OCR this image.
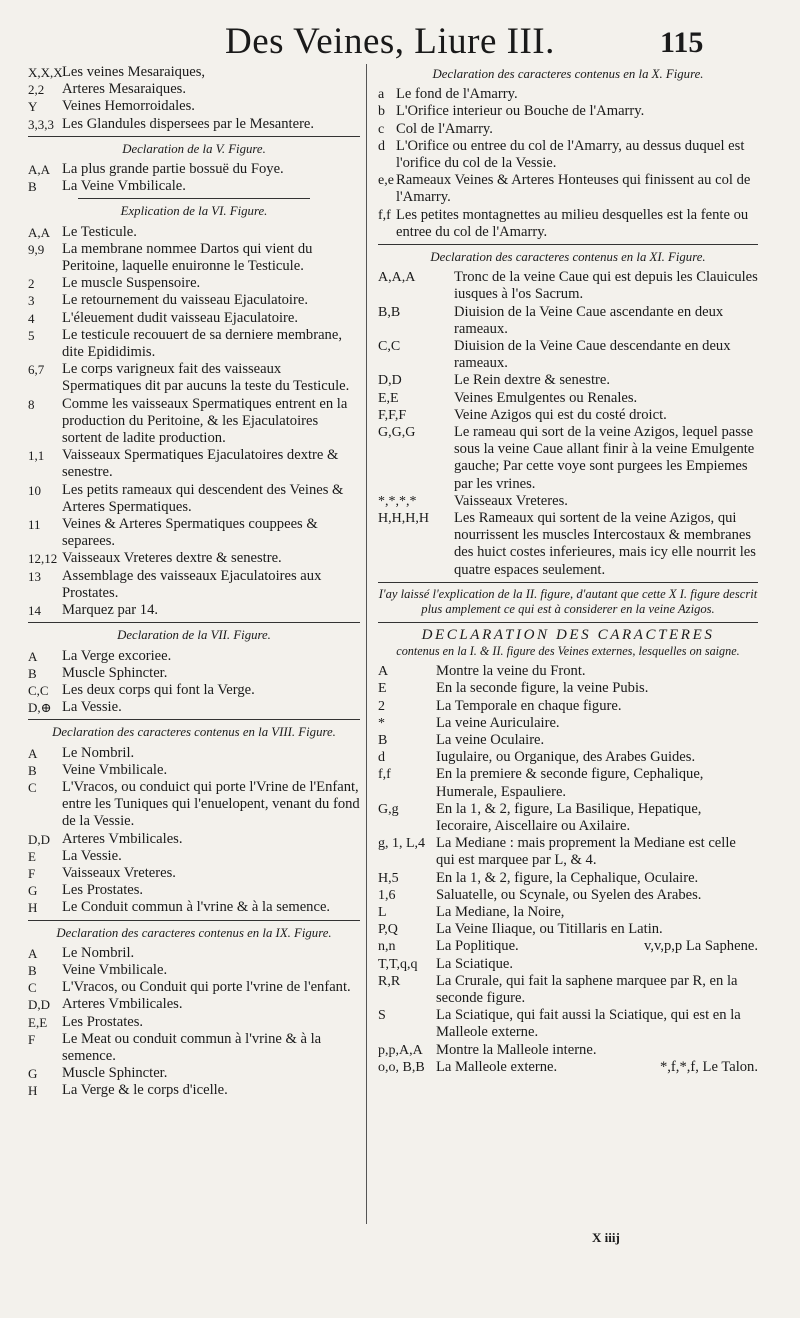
Des Veines, Liure III.	115
X,X,X Les veines Mesaraiques,
2,2	Arteres Mesaraiques.
Y	Veines Hemorroidales.
3,3,3 Les Glandules dispersees par le Mesantere.
Declaration de la V. Figure.
A,A La plus grande partie bossuë du Foye.
B	La Veine Vmbilicale.
Explication de la VI. Figure.
A,A Le Testicule.
9,9	La membrane nommee Dartos qui vient du Peritoine, laquelle enuironne le Testicule.
2	Le muscle Suspensoire.
3	Le retournement du vaisseau Ejaculatoire.
4	L'éleuement dudit vaisseau Ejaculatoire.
5	Le testicule recouuert de sa derniere membrane, dite Epididimis.
6,7	Le corps varigneux fait des vaisseaux Spermatiques dit par aucuns la teste du Testicule.
8	Comme les vaisseaux Spermatiques entrent en la production du Peritoine, & les Ejaculatoires sortent de ladite production.
1,1	Vaisseaux Spermatiques Ejaculatoires dextre & senestre.
10	Les petits rameaux qui descendent des Veines & Arteres Spermatiques.
11	Veines & Arteres Spermatiques couppees & separees.
12,12 Vaisseaux Vreteres dextre & senestre.
13	Assemblage des vaisseaux Ejaculatoires aux Prostates.
14	Marquez par 14.
Declaration de la VII. Figure.
A	La Verge excoriee.
B	Muscle Sphincter.
C,C Les deux corps qui font la Verge.
D,⊕ La Vessie.
Declaration des caracteres contenus en la VIII. Figure.
A	Le Nombril.
B	Veine Vmbilicale.
C	L'Vracos, ou conduict qui porte l'Vrine de l'Enfant, entre les Tuniques qui l'enuelopent, venant du fond de la Vessie.
D,D Arteres Vmbilicales.
E	La Vessie.
F	Vaisseaux Vreteres.
G	Les Prostates.
H	Le Conduit commun à l'vrine & à la semence.
Declaration des caracteres contenus en la IX. Figure.
A	Le Nombril.
B	Veine Vmbilicale.
C	L'Vracos, ou Conduit qui porte l'vrine de l'enfant.
D,D Arteres Vmbilicales.
E,E	Les Prostates.
F	Le Meat ou conduit commun à l'vrine & à la semence.
G	Muscle Sphincter.
H	La Verge & le corps d'icelle.
Declaration des caracteres contenus en la X. Figure.
a Le fond de l'Amarry.
b L'Orifice interieur ou Bouche de l'Amarry.
c Col de l'Amarry.
d L'Orifice ou entree du col de l'Amarry, au dessus duquel est l'orifice du col de la Vessie.
e,e Rameaux Veines & Arteres Honteuses qui finissent au col de l'Amarry.
f,f Les petites montagnettes au milieu desquelles est la fente ou entree du col de l'Amarry.
Declaration des caracteres contenus en la XI. Figure.
A,A,A	Tronc de la veine Caue qui est depuis les Clauicules iusques à l'os Sacrum.
B,B	Diuision de la Veine Caue ascendante en deux rameaux.
C,C	Diuision de la Veine Caue descendante en deux rameaux.
D,D	Le Rein dextre & senestre.
E,E	Veines Emulgentes ou Renales.
F,F,F	Veine Azigos qui est du costé droict.
G,G,G	Le rameau qui sort de la veine Azigos, lequel passe sous la veine Caue allant finir à la veine Emulgente gauche; Par cette voye sont purgees les Empiemes par les vrines.
*,*,*,*	Vaisseaux Vreteres.
H,H,H,H	Les Rameaux qui sortent de la veine Azigos, qui nourrissent les muscles Intercostaux & membranes des huict costes inferieures, mais icy elle nourrit les quatre espaces seulement.
I'ay laissé l'explication de la II. figure, d'autant que cette X I. figure descrit plus amplement ce qui est à considerer en la veine Azigos.
DECLARATION DES CARACTERES
contenus en la I. & II. figure des Veines externes, lesquelles on saigne.
A	Montre la veine du Front.
E	En la seconde figure, la veine Pubis.
2	La Temporale en chaque figure.
*	La veine Auriculaire.
B	La veine Oculaire.
d	Iugulaire, ou Organique, des Arabes Guides.
f,f	En la premiere & seconde figure, Cephalique, Humerale, Espauliere.
G,g	En la 1, & 2, figure, La Basilique, Hepatique, Iecoraire, Aiscellaire ou Axilaire.
g, 1, L,4 La Mediane : mais proprement la Mediane est celle qui est marquee par L, & 4.
H,5	En la 1, & 2, figure, la Cephalique, Oculaire.
1,6	Saluatelle, ou Scynale, ou Syelen des Arabes.
L	La Mediane, la Noire,
P,Q	La Veine Iliaque, ou Titillaris en Latin.
n,n	La Poplitique.	v,v,p,p La Saphene.
T,T,q,q	La Sciatique.
R,R	La Crurale, qui fait la saphene marquee par R, en la seconde figure.
S	La Sciatique, qui fait aussi la Sciatique, qui est en la Malleole externe.
p,p,A,A Montre la Malleole interne.
o,o, B,B La Malleole externe.	*,f,*,f, Le Talon.
X iiij
